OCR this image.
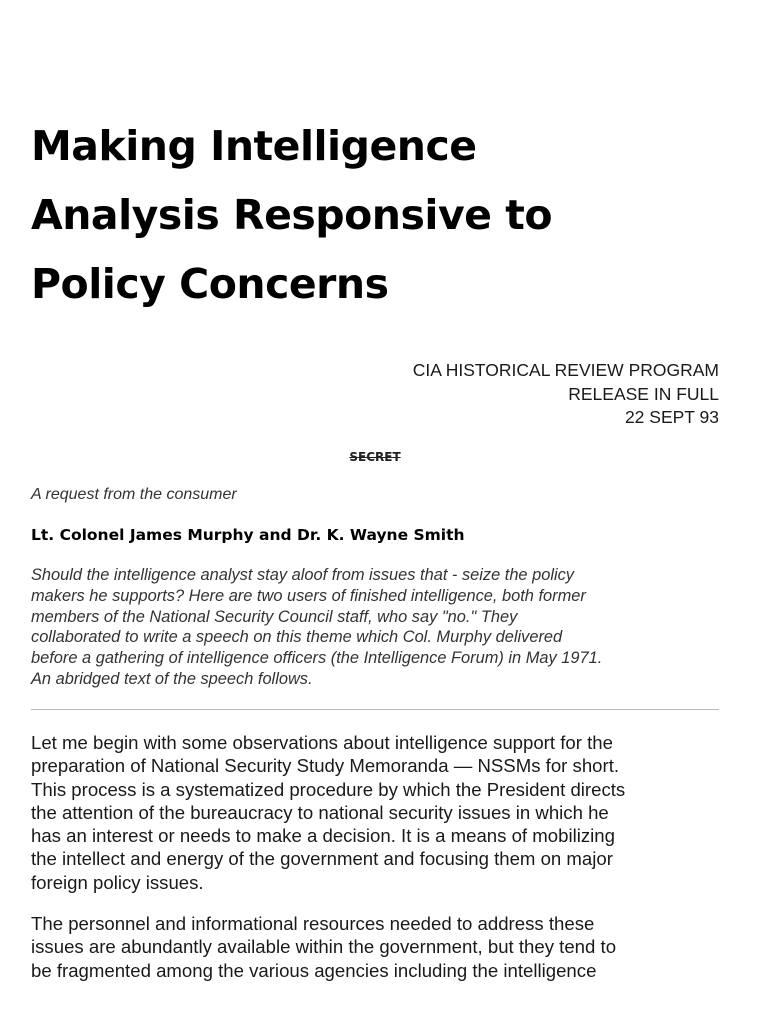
Making Intelligence
Analysis Responsive to
Policy Concerns
CIA HISTORICAL REVIEW PROGRAM
RELEASE IN FULL
22 SEPT 93
SECRET
A request from the consumer
Lt. Colonel James Murphy and Dr. K. Wayne Smith
Should the intelligence analyst stay aloof from issues that - seize the policy
makers he supports? Here are two users of finished intelligence, both former
members of the National Security Council staff, who say "no." They
collaborated to write a speech on this theme which Col. Murphy delivered
before a gathering of intelligence officers (the Intelligence Forum) in May 1971.
An abridged text of the speech follows.

Let me begin with some observations about intelligence support for the
preparation of National Security Study Memoranda — NSSMs for short.
This process is a systematized procedure by which the President directs
the attention of the bureaucracy to national security issues in which he
has an interest or needs to make a decision. It is a means of mobilizing
the intellect and energy of the government and focusing them on major
foreign policy issues.

The personnel and informational resources needed to address these
issues are abundantly available within the government, but they tend to
be fragmented among the various agencies including the intelligence
